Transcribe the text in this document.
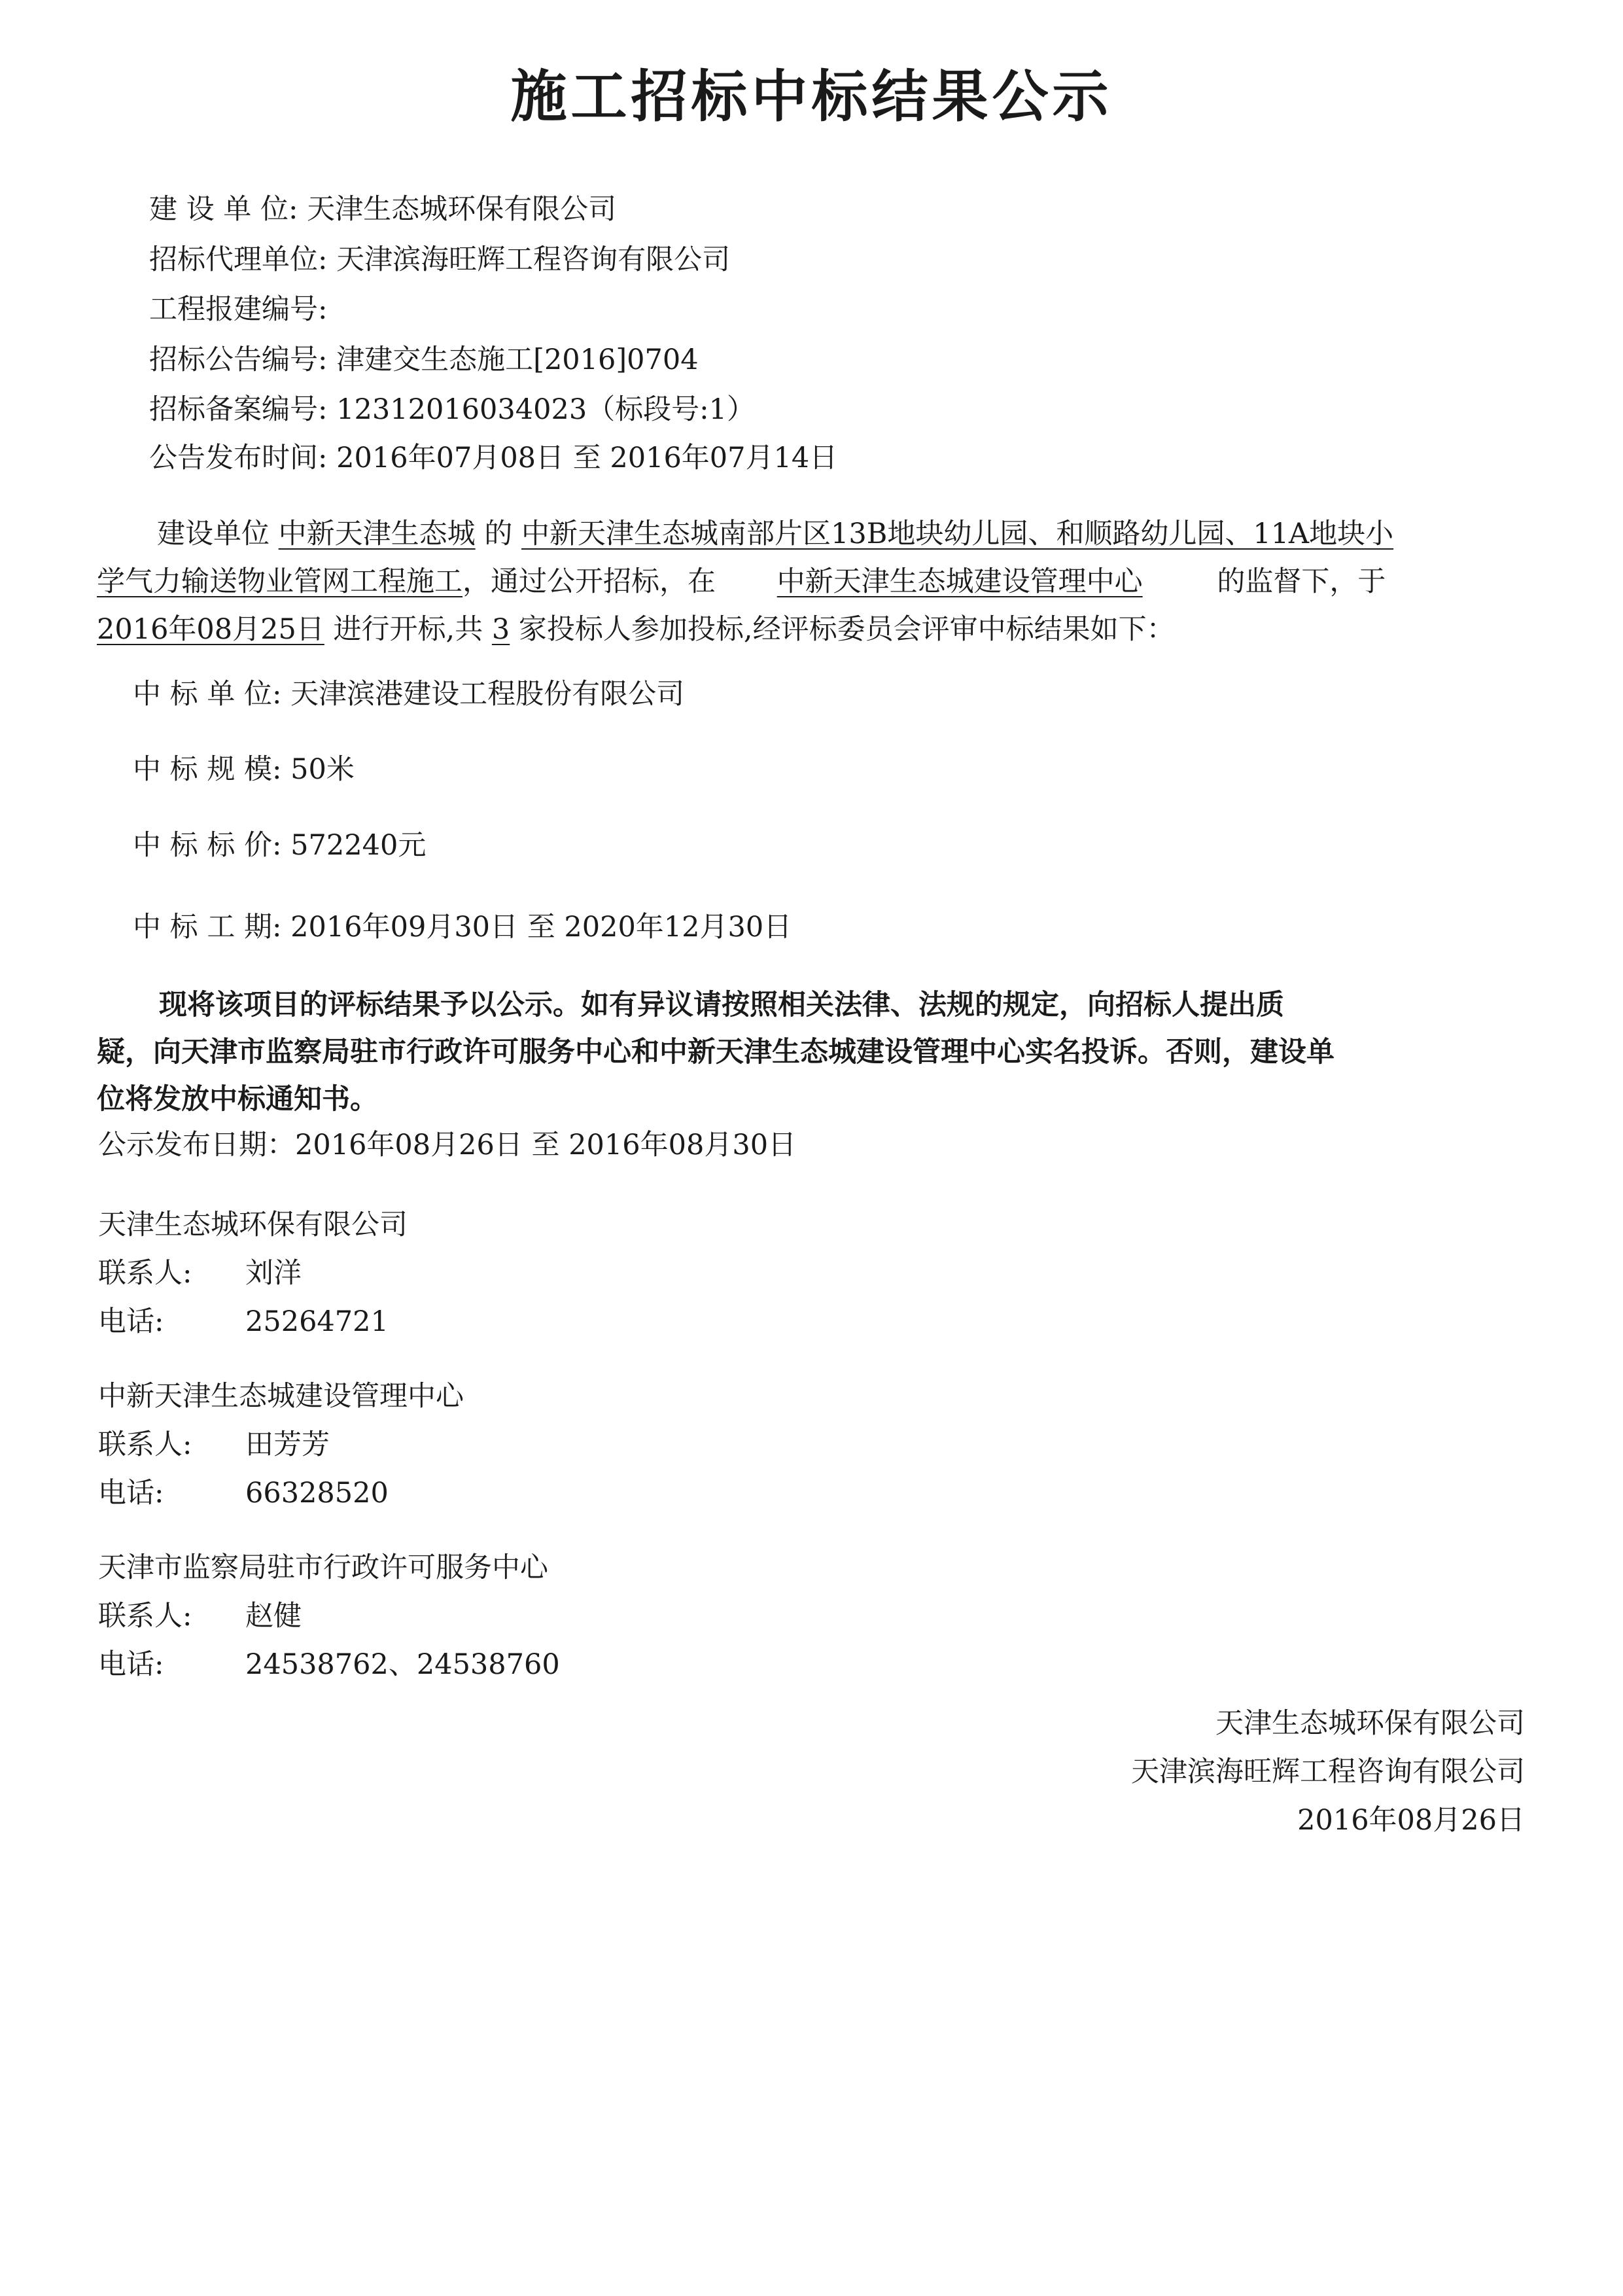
施工招标中标结果公示
建 设 单 位: 天津生态城环保有限公司
招标代理单位: 天津滨海旺辉工程咨询有限公司
工程报建编号:
招标公告编号: 津建交生态施工[2016]0704
招标备案编号: 12312016034023（标段号:1）
公告发布时间: 2016年07月08日 至 2016年07月14日

建设单位 中新天津生态城 的 中新天津生态城南部片区13B地块幼儿园、和顺路幼儿园、11A地块小

学气力输送物业管网工程施工，通过公开招标，在 中新天津生态城建设管理中心	的监督下，于

2016年08月25日 进行开标,共 3 家投标人参加投标,经评标委员会评审中标结果如下：

中 标 单 位: 天津滨港建设工程股份有限公司
中 标 规 模: 50米
中 标 标 价: 572240元
中 标 工 期: 2016年09月30日 至 2020年12月30日

现将该项目的评标结果予以公示。如有异议请按照相关法律、法规的规定，向招标人提出质

疑，向天津市监察局驻市行政许可服务中心和中新天津生态城建设管理中心实名投诉。否则，建设单

位将发放中标通知书。

公示发布日期：2016年08月26日 至 2016年08月30日
天津生态城环保有限公司
联系人: 刘洋
电话:	25264721
中新天津生态城建设管理中心
联系人: 田芳芳
电话:	66328520
天津市监察局驻市行政许可服务中心
联系人: 赵健
电话:	24538762、24538760
天津生态城环保有限公司
天津滨海旺辉工程咨询有限公司
2016年08月26日
